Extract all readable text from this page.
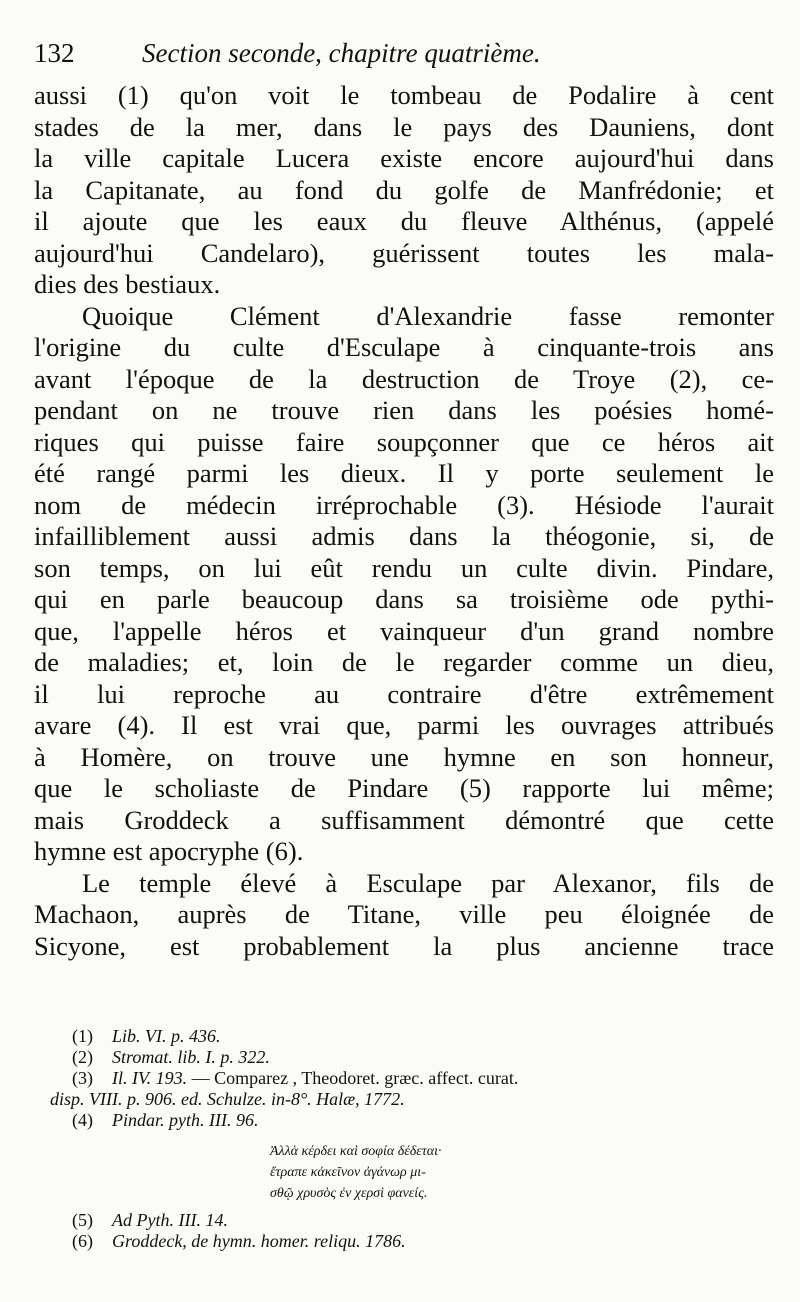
132	Section seconde, chapitre quatrième.
aussi (1) qu'on voit le tombeau de Podalire à cent
stades de la mer, dans le pays des Dauniens, dont
la ville capitale Lucera existe encore aujourd'hui dans
la Capitanate, au fond du golfe de Manfrédonie; et
il ajoute que les eaux du fleuve Althénus, (appelé
aujourd'hui Candelaro), guérissent toutes les mala-
dies des bestiaux.
Quoique Clément d'Alexandrie fasse remonter
l'origine du culte d'Esculape à cinquante-trois ans
avant l'époque de la destruction de Troye (2), ce-
pendant on ne trouve rien dans les poésies homé-
riques qui puisse faire soupçonner que ce héros ait
été rangé parmi les dieux. Il y porte seulement le
nom de médecin irréprochable (3). Hésiode l'aurait
infailliblement aussi admis dans la théogonie, si, de
son temps, on lui eût rendu un culte divin. Pindare,
qui en parle beaucoup dans sa troisième ode pythi-
que, l'appelle héros et vainqueur d'un grand nombre
de maladies; et, loin de le regarder comme un dieu,
il lui reproche au contraire d'être extrêmement
avare (4). Il est vrai que, parmi les ouvrages attribués
à Homère, on trouve une hymne en son honneur,
que le scholiaste de Pindare (5) rapporte lui même;
mais Groddeck a suffisamment démontré que cette
hymne est apocryphe (6).
Le temple élevé à Esculape par Alexanor, fils de
Machaon, auprès de Titane, ville peu éloignée de
Sicyone, est probablement la plus ancienne trace
(1) Lib. VI. p. 436.
(2) Stromat. lib. I. p. 322.
(3) Il. IV. 193. — Comparez , Theodoret. græc. affect. curat.
disp. VIII. p. 906. ed. Schulze. in-8°. Halæ, 1772.
(4) Pindar. pyth. III. 96.
Ἀλλὰ κέρδει καὶ σοφία δέδεται·
ἔτραπε κἀκεῖνον ἀγάνωρ μι-
σθῷ χρυσὸς ἐν χερσὶ φανείς.
(5) Ad Pyth. III. 14.
(6) Groddeck, de hymn. homer. reliqu. 1786.
